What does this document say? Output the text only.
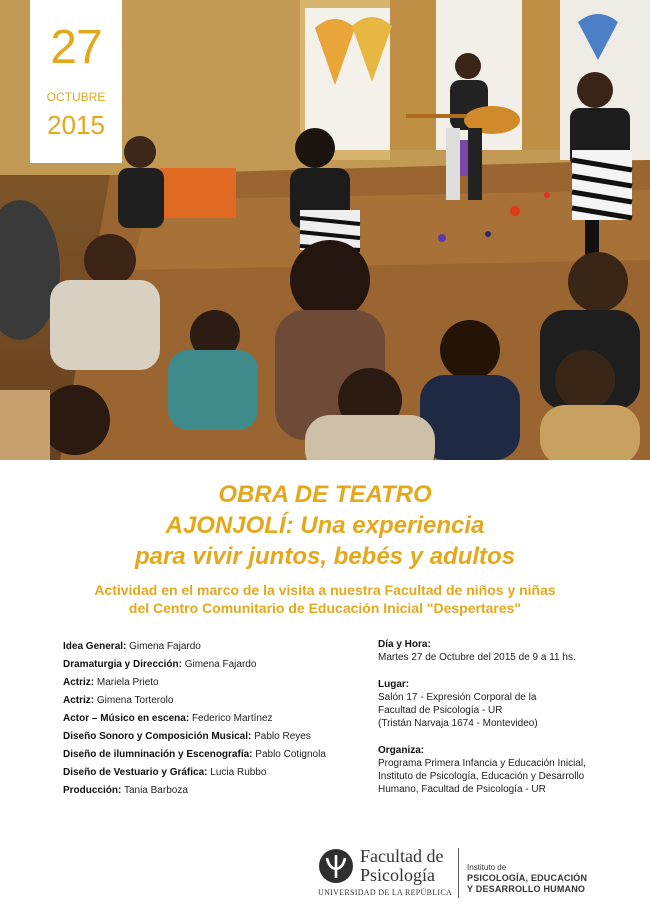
27
OCTUBRE
2015
OBRA DE TEATRO
AJONJOLÍ: Una experiencia
para vivir juntos, bebés y adultos
Actividad en el marco de la visita a nuestra Facultad de niños y niñas
del Centro Comunitario de Educación Inicial "Despertares"
Idea General: Gimena Fajardo
Dramaturgia y Dirección: Gimena Fajardo
Actriz: Mariela Prieto
Actriz: Gimena Torterolo
Actor – Músico en escena: Federico Martínez
Diseño Sonoro y Composición Musical: Pablo Reyes
Diseño de ilumninación y Escenografía: Pablo Cotignola
Diseño de Vestuario y Gráfica: Lucia Rubbo
Producción: Tania Barboza
Día y Hora:
Martes 27 de Octubre del 2015 de 9 a 11 hs.
Lugar:
Salón 17 - Expresión Corporal de la
Facultad de Psicología - UR
(Tristán Narvaja 1674 - Montevideo)
Organiza:
Programa Primera Infancia y Educación Inicial,
Instituto de Psicología, Educación y Desarrollo
Humano, Facultad de Psicología - UR
Facultad de
Psicología
UNIVERSIDAD DE LA REPÚBLICA
Instituto de
PSICOLOGÍA, EDUCACIÓN
Y DESARROLLO HUMANO
